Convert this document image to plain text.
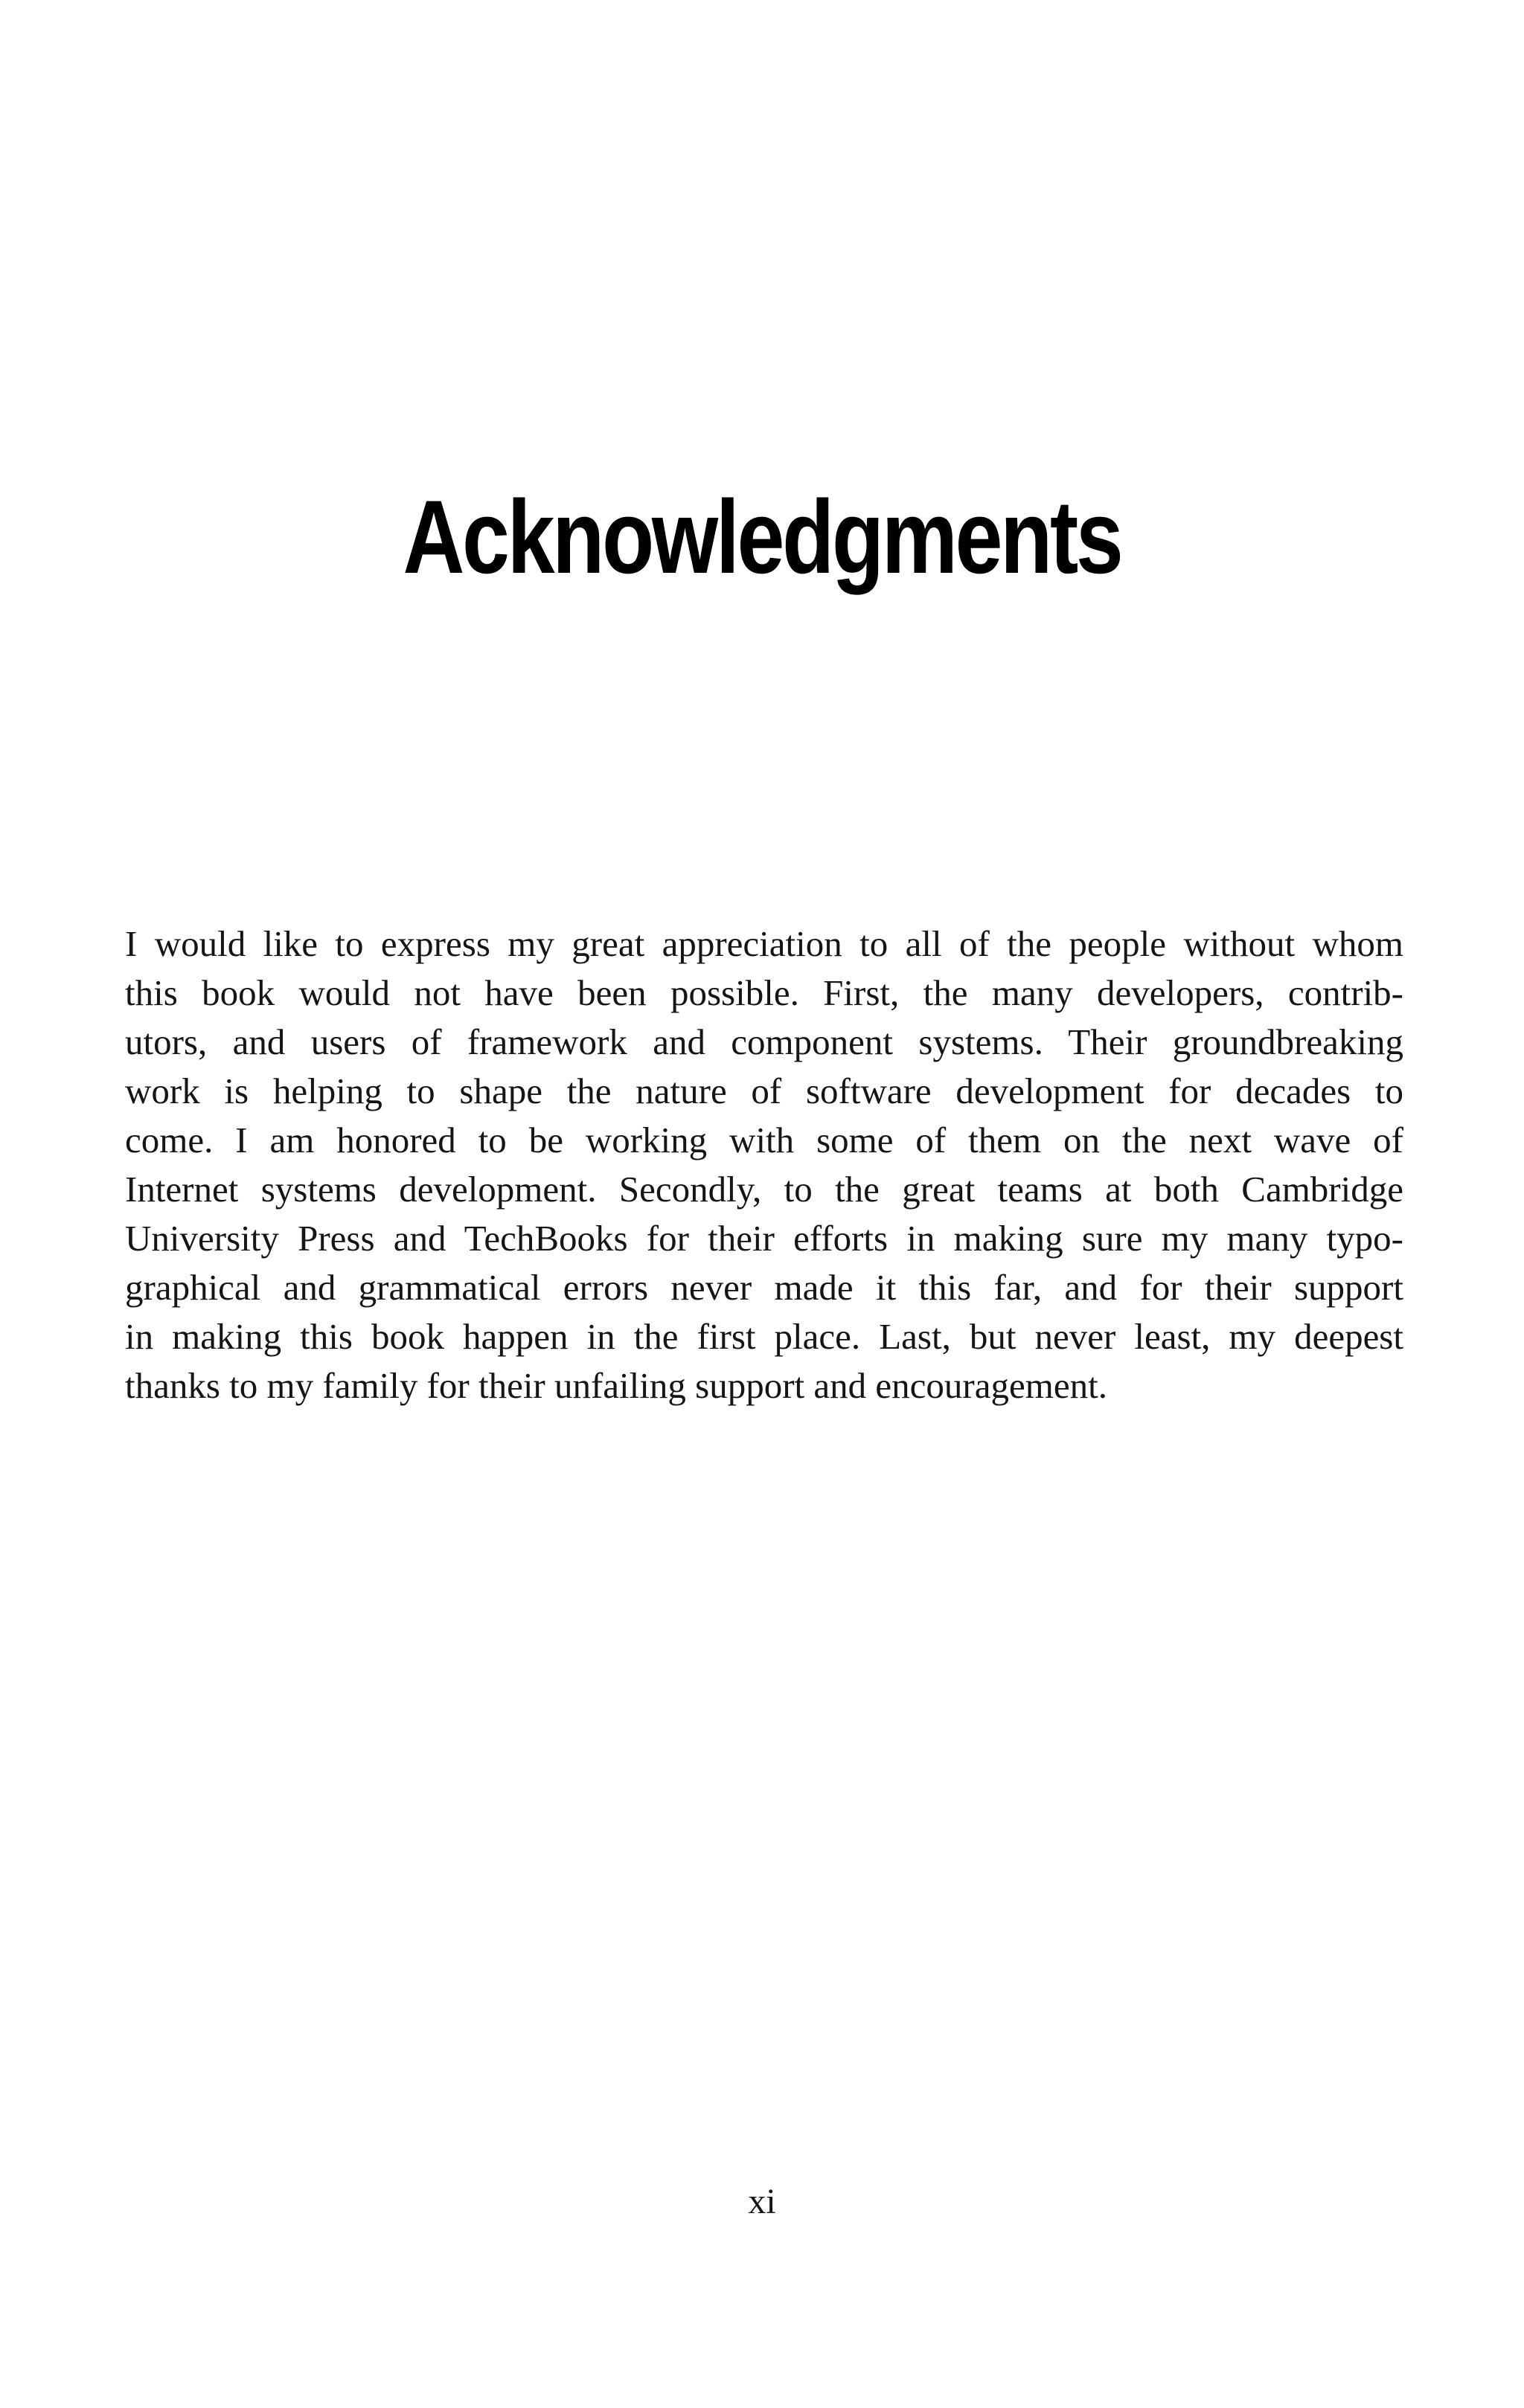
Acknowledgments
I would like to express my great appreciation to all of the people without whom
this book would not have been possible. First, the many developers, contrib-
utors, and users of framework and component systems. Their groundbreaking
work is helping to shape the nature of software development for decades to
come. I am honored to be working with some of them on the next wave of
Internet systems development. Secondly, to the great teams at both Cambridge
University Press and TechBooks for their efforts in making sure my many typo-
graphical and grammatical errors never made it this far, and for their support
in making this book happen in the first place. Last, but never least, my deepest
thanks to my family for their unfailing support and encouragement.
xi
